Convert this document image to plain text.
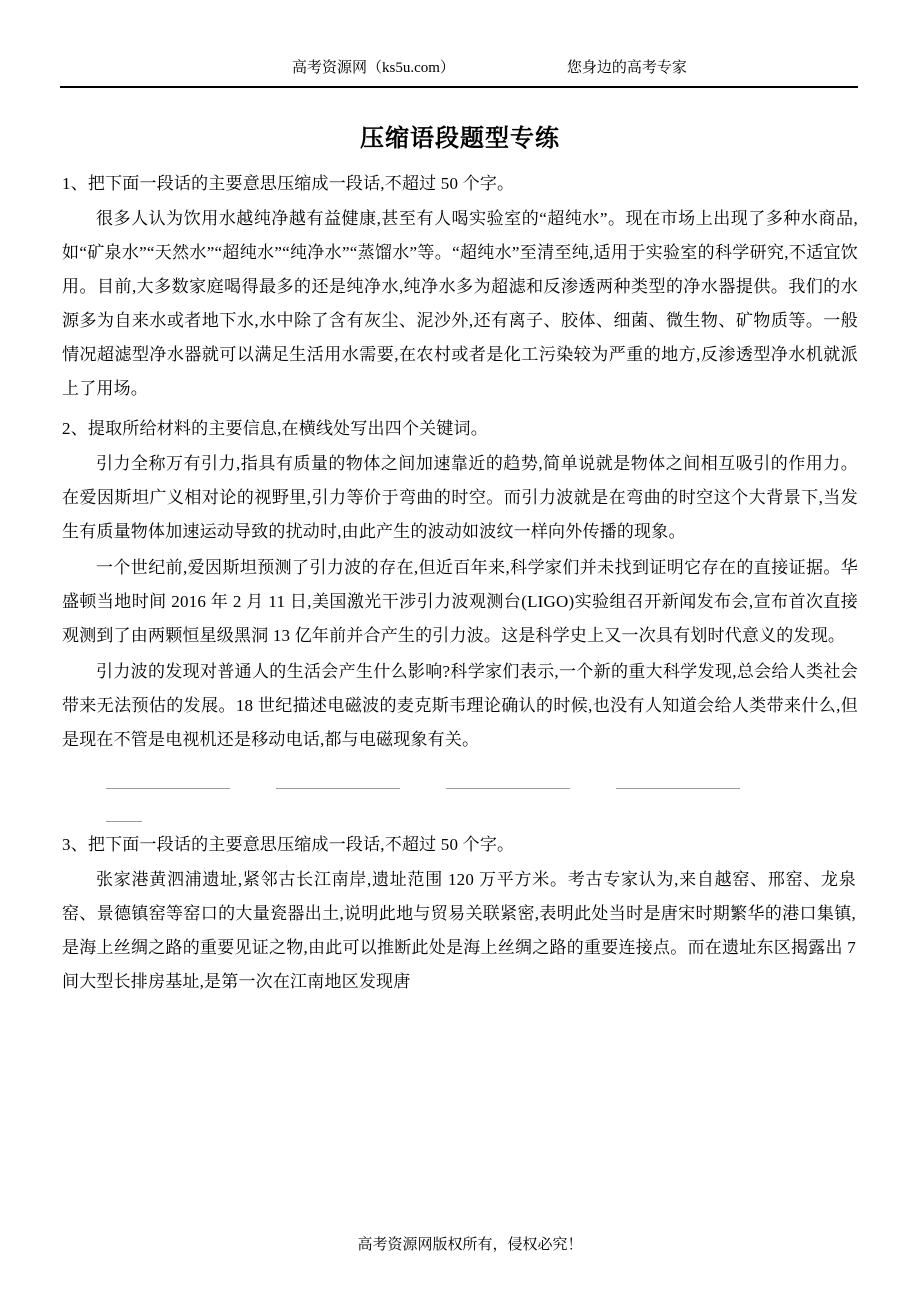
高考资源网（ks5u.com）	您身边的高考专家
压缩语段题型专练
1、把下面一段话的主要意思压缩成一段话,不超过 50 个字。
很多人认为饮用水越纯净越有益健康,甚至有人喝实验室的“超纯水”。现在市场上出现了多种水商品,如“矿泉水”“天然水”“超纯水”“纯净水”“蒸馏水”等。“超纯水”至清至纯,适用于实验室的科学研究,不适宜饮用。目前,大多数家庭喝得最多的还是纯净水,纯净水多为超滤和反渗透两种类型的净水器提供。我们的水源多为自来水或者地下水,水中除了含有灰尘、泥沙外,还有离子、胶体、细菌、微生物、矿物质等。一般情况超滤型净水器就可以满足生活用水需要,在农村或者是化工污染较为严重的地方,反渗透型净水机就派上了用场。
2、提取所给材料的主要信息,在横线处写出四个关键词。
引力全称万有引力,指具有质量的物体之间加速靠近的趋势,简单说就是物体之间相互吸引的作用力。在爱因斯坦广义相对论的视野里,引力等价于弯曲的时空。而引力波就是在弯曲的时空这个大背景下,当发生有质量物体加速运动导致的扰动时,由此产生的波动如波纹一样向外传播的现象。
一个世纪前,爱因斯坦预测了引力波的存在,但近百年来,科学家们并未找到证明它存在的直接证据。华盛顿当地时间 2016 年 2 月 11 日,美国激光干涉引力波观测台(LIGO)实验组召开新闻发布会,宣布首次直接观测到了由两颗恒星级黑洞 13 亿年前并合产生的引力波。这是科学史上又一次具有划时代意义的发现。
引力波的发现对普通人的生活会产生什么影响?科学家们表示,一个新的重大科学发现,总会给人类社会带来无法预估的发展。18 世纪描述电磁波的麦克斯韦理论确认的时候,也没有人知道会给人类带来什么,但是现在不管是电视机还是移动电话,都与电磁现象有关。
3、把下面一段话的主要意思压缩成一段话,不超过 50 个字。
张家港黄泗浦遗址,紧邻古长江南岸,遗址范围 120 万平方米。考古专家认为,来自越窑、邢窑、龙泉窑、景德镇窑等窑口的大量瓷器出土,说明此地与贸易关联紧密,表明此处当时是唐宋时期繁华的港口集镇,是海上丝绸之路的重要见证之物,由此可以推断此处是海上丝绸之路的重要连接点。而在遗址东区揭露出 7 间大型长排房基址,是第一次在江南地区发现唐
高考资源网版权所有，侵权必究！
